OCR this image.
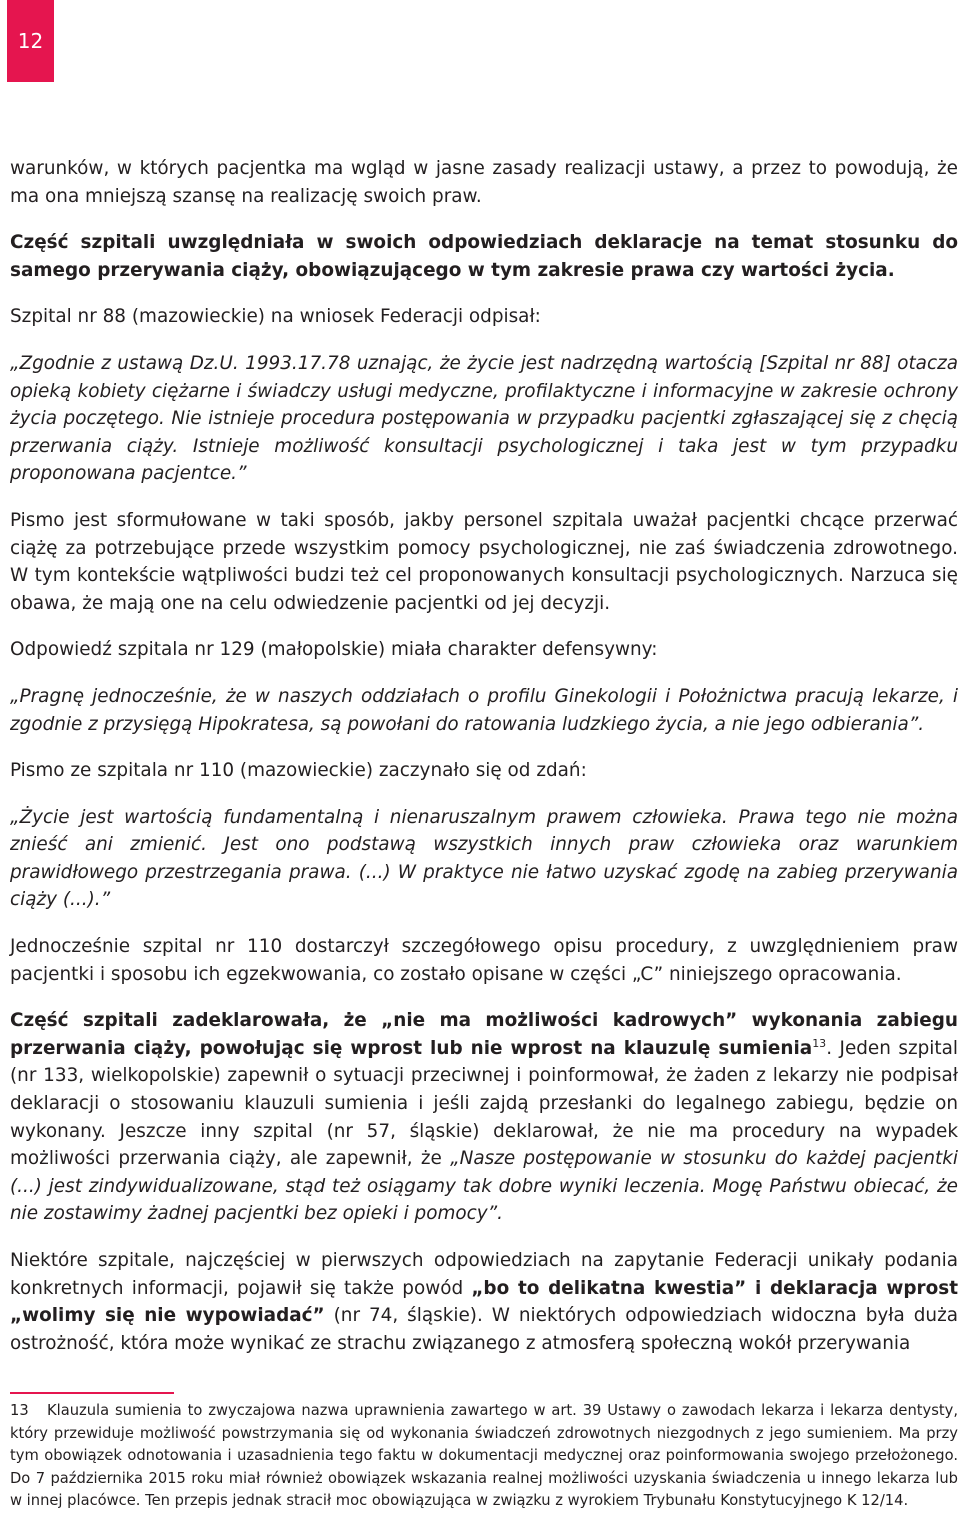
12

warunków, w których pacjentka ma wgląd w jasne zasady realizacji ustawy, a przez to powodują, że ma ona mniejszą szansę na realizację swoich praw.

Część szpitali uwzględniała w swoich odpowiedziach deklaracje na temat stosunku do samego przerywania ciąży, obowiązującego w tym zakresie prawa czy wartości życia.

Szpital nr 88 (mazowieckie) na wniosek Federacji odpisał:

„Zgodnie z ustawą Dz.U. 1993.17.78 uznając, że życie jest nadrzędną wartością [Szpital nr 88] otacza opieką kobiety ciężarne i świadczy usługi medyczne, profilaktyczne i informacyjne w zakresie ochrony życia poczętego. Nie istnieje procedura postępowania w przypadku pacjentki zgłaszającej się z chęcią przerwania ciąży. Istnieje możliwość konsultacji psychologicznej i taka jest w tym przypadku proponowana pacjentce.”

Pismo jest sformułowane w taki sposób, jakby personel szpitala uważał pacjentki chcące przerwać ciążę za potrzebujące przede wszystkim pomocy psychologicznej, nie zaś świadczenia zdrowotnego. W tym kontekście wątpliwości budzi też cel proponowanych konsultacji psychologicznych. Narzuca się obawa, że mają one na celu odwiedzenie pacjentki od jej decyzji.

Odpowiedź szpitala nr 129 (małopolskie) miała charakter defensywny:

„Pragnę jednocześnie, że w naszych oddziałach o profilu Ginekologii i Położnictwa pracują lekarze, i zgodnie z przysięgą Hipokratesa, są powołani do ratowania ludzkiego życia, a nie jego odbierania”.

Pismo ze szpitala nr 110 (mazowieckie) zaczynało się od zdań:

„Życie jest wartością fundamentalną i nienaruszalnym prawem człowieka. Prawa tego nie można znieść ani zmienić. Jest ono podstawą wszystkich innych praw człowieka oraz warunkiem prawidłowego przestrzegania prawa. (...) W praktyce nie łatwo uzyskać zgodę na zabieg przerywania ciąży (...).”

Jednocześnie szpital nr 110 dostarczył szczegółowego opisu procedury, z uwzględnieniem praw pacjentki i sposobu ich egzekwowania, co zostało opisane w części „C” niniejszego opracowania.

Część szpitali zadeklarowała, że „nie ma możliwości kadrowych” wykonania zabiegu przerwania ciąży, powołując się wprost lub nie wprost na klauzulę sumienia$^{13}$. Jeden szpital (nr 133, wielkopolskie) zapewnił o sytuacji przeciwnej i poinformował, że żaden z lekarzy nie podpisał deklaracji o stosowaniu klauzuli sumienia i jeśli zajdą przesłanki do legalnego zabiegu, będzie on wykonany. Jeszcze inny szpital (nr 57, śląskie) deklarował, że nie ma procedury na wypadek możliwości przerwania ciąży, ale zapewnił, że „Nasze postępowanie w stosunku do każdej pacjentki (...) jest zindywidualizowane, stąd też osiągamy tak dobre wyniki leczenia. Mogę Państwu obiecać, że nie zostawimy żadnej pacjentki bez opieki i pomocy”.

Niektóre szpitale, najczęściej w pierwszych odpowiedziach na zapytanie Federacji unikały podania konkretnych informacji, pojawił się także powód „bo to delikatna kwestia” i deklaracja wprost „wolimy się nie wypowiadać” (nr 74, śląskie). W niektórych odpowiedziach widoczna była duża ostrożność, która może wynikać ze strachu związanego z atmosferą społeczną wokół przerywania

13 Klauzula sumienia to zwyczajowa nazwa uprawnienia zawartego w art. 39 Ustawy o zawodach lekarza i lekarza dentysty, który przewiduje możliwość powstrzymania się od wykonania świadczeń zdrowotnych niezgodnych z jego sumieniem. Ma przy tym obowiązek odnotowania i uzasadnienia tego faktu w dokumentacji medycznej oraz poinformowania swojego przełożonego. Do 7 października 2015 roku miał również obowiązek wskazania realnej możliwości uzyskania świadczenia u innego lekarza lub w innej placówce. Ten przepis jednak stracił moc obowiązująca w związku z wyrokiem Trybunału Konstytucyjnego K 12/14.
